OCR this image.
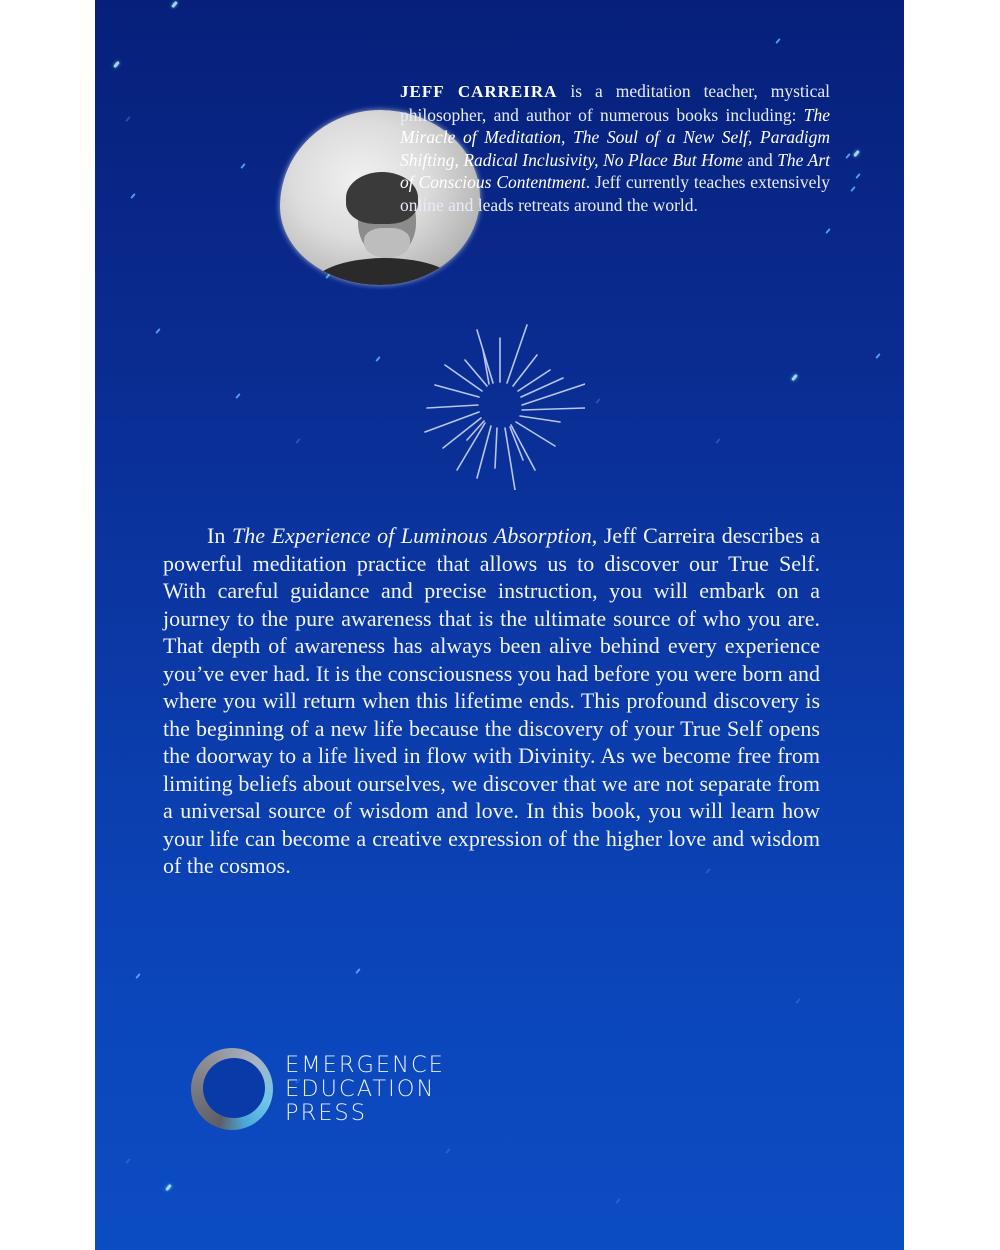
JEFF CARREIRA is a meditation teacher, mystical philosopher, and author of numerous books including: The Miracle of Meditation, The Soul of a New Self, Paradigm Shifting, Radical Inclusivity, No Place But Home and The Art of Conscious Contentment. Jeff currently teaches extensively online and leads retreats around the world.
In The Experience of Luminous Absorption, Jeff Carreira describes a powerful meditation practice that allows us to discover our True Self. With careful guidance and precise instruction, you will embark on a journey to the pure awareness that is the ultimate source of who you are. That depth of awareness has always been alive behind every experience you’ve ever had. It is the consciousness you had before you were born and where you will return when this lifetime ends. This profound discovery is the beginning of a new life because the discovery of your True Self opens the doorway to a life lived in flow with Divinity. As we become free from limiting beliefs about ourselves, we discover that we are not separate from a universal source of wisdom and love. In this book, you will learn how your life can become a creative expression of the higher love and wisdom of the cosmos.
EMERGENCE
EDUCATION
PRESS
